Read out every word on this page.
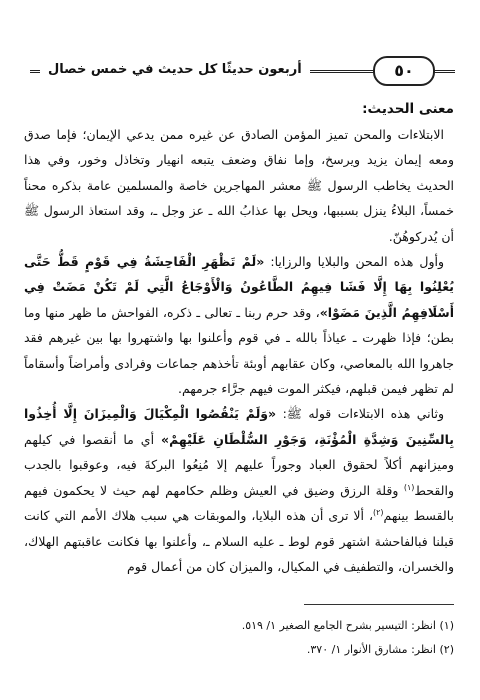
أربعون حديثًا كل حديث في خمس خصال	٥٠

معنى الحديث:

الابتلاءات والمحن تميز المؤمن الصادق عن غيره ممن يدعي الإيمان؛ فإما صدق ومعه إيمان يزيد ويرسخ، وإما نفاق وضعف يتبعه انهيار وتخاذل وخور، وفي هذا الحديث يخاطب الرسول ﷺ معشر المهاجرين خاصة والمسلمين عامة بذكره محناً خمساً، البلاءُ ينزل بسببها، ويحل بها عذابُ الله ـ عز وجل ـ، وقد استعاذ الرسول ﷺ أن يُدركوهُنّ.

وأول هذه المحن والبلايا والرزايا: «لَمْ تَظْهَرِ الْفَاحِشَةُ فِي قَوْمٍ قَطُّ حَتَّى يُعْلِنُوا بِهَا إِلَّا فَشَا فِيهِمُ الطَّاعُونُ وَالْأَوْجَاعُ الَّتِي لَمْ تَكُنْ مَضَتْ فِي أَسْلَافِهِمُ الَّذِينَ مَضَوْا»، وقد حرم ربنا ـ تعالى ـ ذكره، الفواحش ما ظهر منها وما بطن؛ فإذا ظهرت ـ عياذاً بالله ـ في قوم وأعلنوا بها واشتهروا بها بين غيرهم فقد جاهروا الله بالمعاصي، وكان عقابهم أوبئة تأخذهم جماعات وفرادى وأمراضاً وأسقاماً لم تظهر فيمن قبلهم، فيكثر الموت فيهم جرَّاء جرمهم.

وثاني هذه الابتلاءات قوله ﷺ: «وَلَمْ يَنْقُصُوا الْمِكْيَالَ وَالْمِيزَانَ إِلَّا أُخِذُوا بِالسِّنِينَ وَشِدَّةِ الْمُؤْنَةِ، وَجَوْرِ السُّلْطَانِ عَلَيْهِمْ» أي ما أنقصوا في كيلهم وميزانهم أكلاً لحقوق العباد وجوراً عليهم إلا مُنِعُوا البركةَ فيه، وعوقبوا بالجدب والقحط$^{(١)}$ وقلة الرزق وضيق في العيش وظلم حكامهم لهم حيث لا يحكمون فيهم بالقسط بينهم$^{(٢)}$، ألا ترى أن هذه البلايا، والموبقات هي سبب هلاك الأمم التي كانت قبلنا فبالفاحشة اشتهر قوم لوط ـ عليه السلام ـ، وأعلنوا بها فكانت عاقبتهم الهلاك، والخسران، والتطفيف في المكيال، والميزان كان من أعمال قوم

(١) انظر: التيسير بشرح الجامع الصغير ١/ ٥١٩.

(٢) انظر: مشارق الأنوار ١/ ٣٧٠.
